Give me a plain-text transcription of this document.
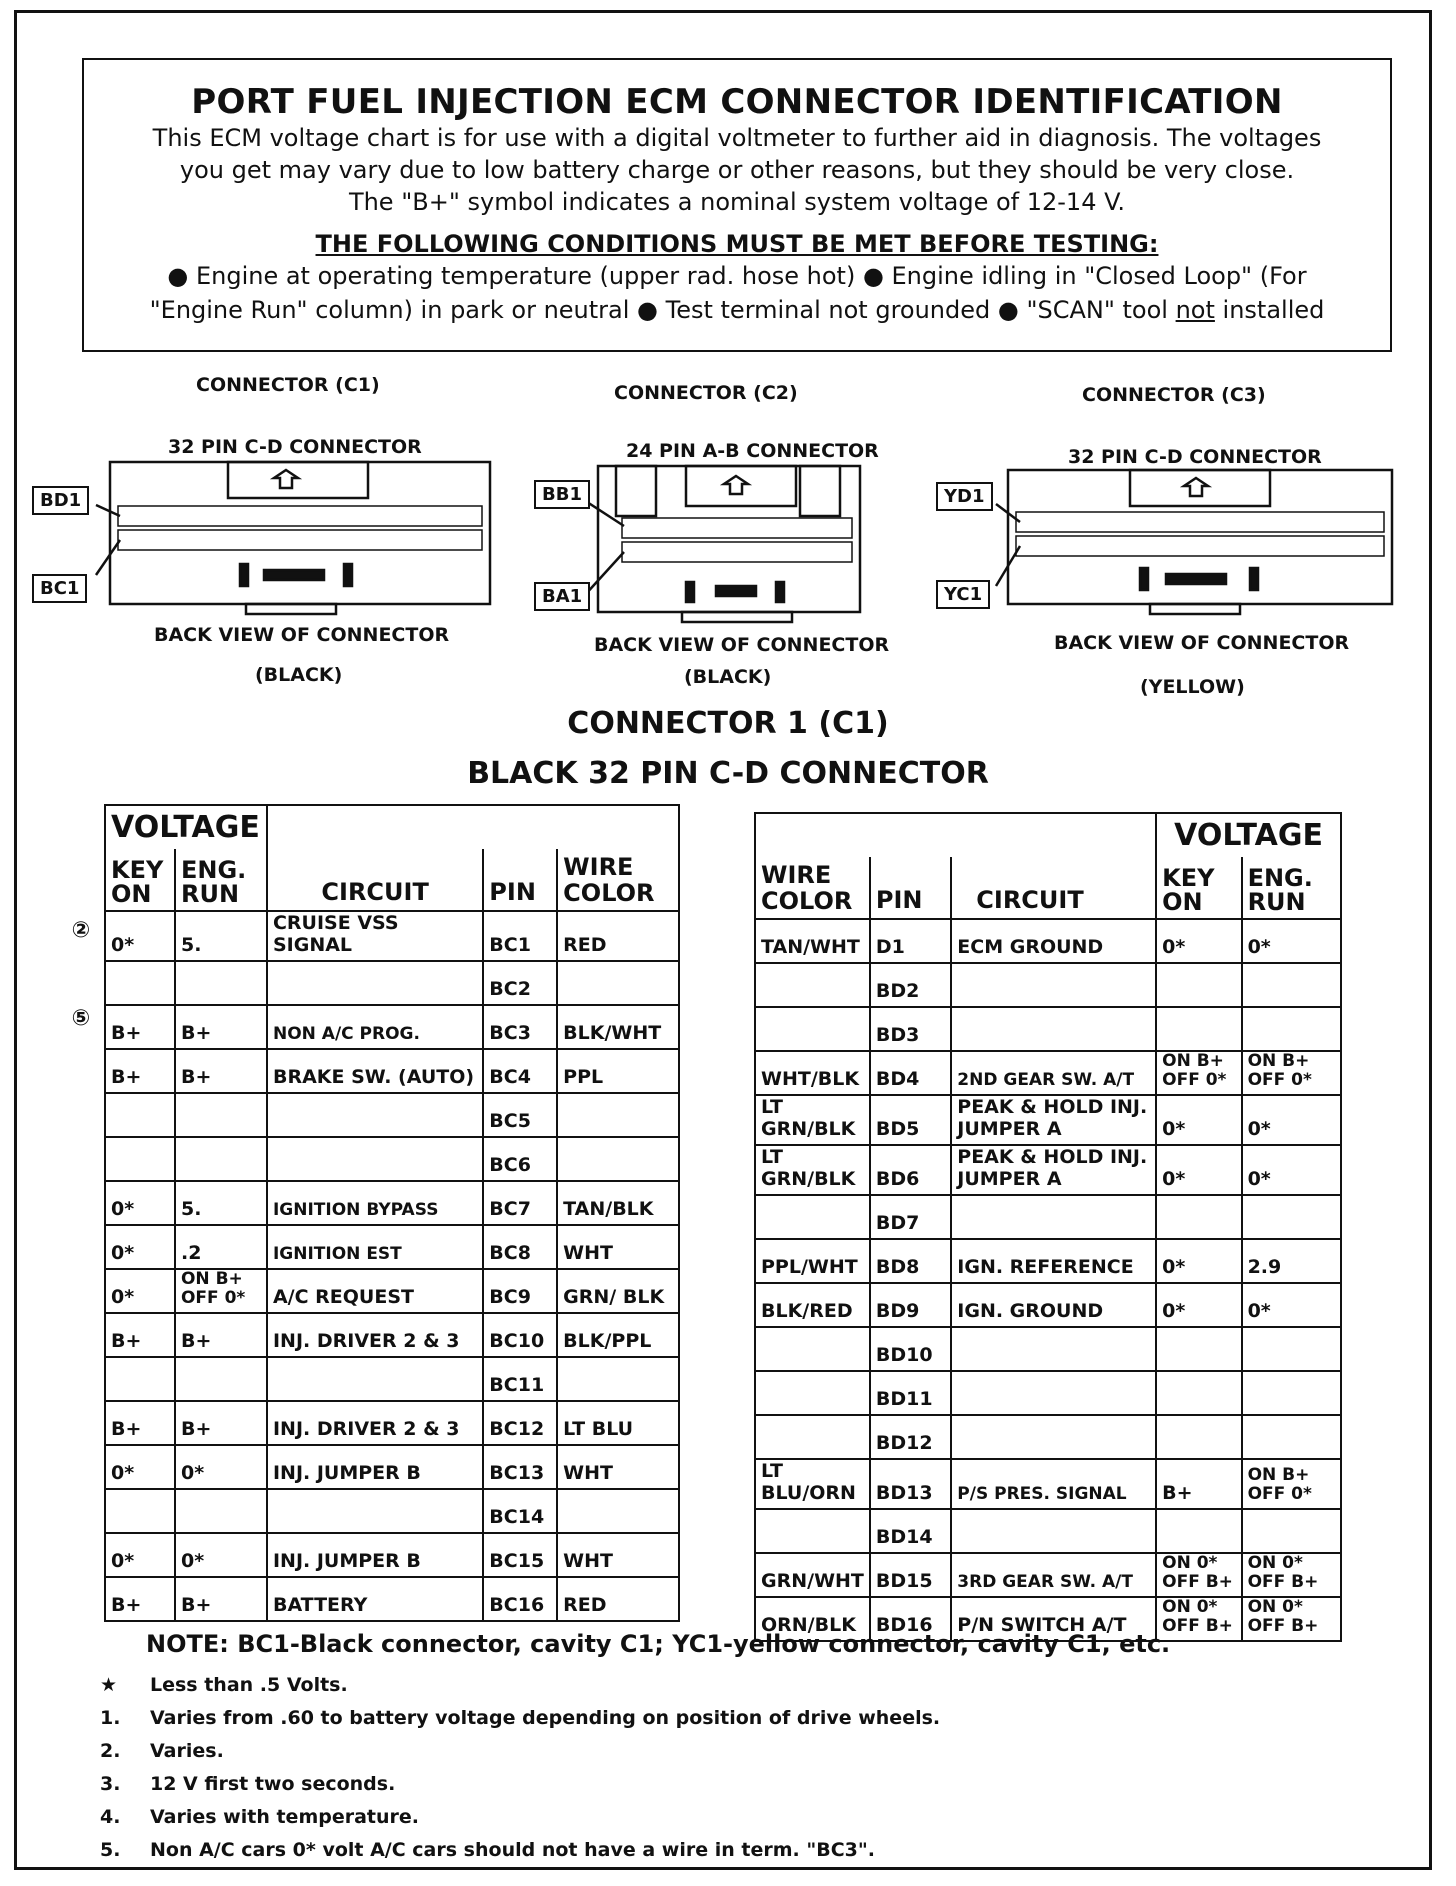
PORT FUEL INJECTION ECM CONNECTOR IDENTIFICATION
This ECM voltage chart is for use with a digital voltmeter to further aid in diagnosis. The voltages
you get may vary due to low battery charge or other reasons, but they should be very close.
The "B+" symbol indicates a nominal system voltage of 12-14 V.
THE FOLLOWING CONDITIONS MUST BE MET BEFORE TESTING:
● Engine at operating temperature (upper rad. hose hot) ● Engine idling in "Closed Loop" (For
"Engine Run" column) in park or neutral ● Test terminal not grounded ● "SCAN" tool not installed
CONNECTOR (C1)	CONNECTOR (C2)	CONNECTOR (C3)
32 PIN C-D CONNECTOR	24 PIN A-B CONNECTOR	32 PIN C-D CONNECTOR
BD1
BC1
BB1
BA1
YD1
YC1
BACK VIEW OF CONNECTOR	BACK VIEW OF CONNECTOR	BACK VIEW OF CONNECTOR
(BLACK)	(BLACK)	(YELLOW)
CONNECTOR 1 (C1)
BLACK 32 PIN C-D CONNECTOR
VOLTAGE				
KEY ON	ENG. RUN	CIRCUIT	PIN	WIRE COLOR
0*	5.	CRUISE VSS SIGNAL	BC1	RED
			BC2	
B+	B+	NON A/C PROG.	BC3	BLK/WHT
B+	B+	BRAKE SW. (AUTO)	BC4	PPL
			BC5	
			BC6	
0*	5.	IGNITION BYPASS	BC7	TAN/BLK
0*	.2	IGNITION EST	BC8	WHT
0*	ON B+ OFF 0*	A/C REQUEST	BC9	GRN/ BLK
B+	B+	INJ. DRIVER 2 & 3	BC10	BLK/PPL
			BC11	
B+	B+	INJ. DRIVER 2 & 3	BC12	LT BLU
0*	0*	INJ. JUMPER B	BC13	WHT
			BC14	
0*	0*	INJ. JUMPER B	BC15	WHT
B+	B+	BATTERY	BC16	RED
			VOLTAGE	
WIRE COLOR	PIN	CIRCUIT	KEY ON	ENG. RUN
TAN/WHT	D1	ECM GROUND	0*	0*
	BD2			
	BD3			
WHT/BLK	BD4	2ND GEAR SW. A/T	ON B+ OFF 0*	ON B+ OFF 0*
LT GRN/BLK	BD5	PEAK & HOLD INJ. JUMPER A	0*	0*
LT GRN/BLK	BD6	PEAK & HOLD INJ. JUMPER A	0*	0*
	BD7			
PPL/WHT	BD8	IGN. REFERENCE	0*	2.9
BLK/RED	BD9	IGN. GROUND	0*	0*
	BD10			
	BD11			
	BD12			
LT BLU/ORN	BD13	P/S PRES. SIGNAL	B+	ON B+ OFF 0*
	BD14			
GRN/WHT	BD15	3RD GEAR SW. A/T	ON 0* OFF B+	ON 0* OFF B+
ORN/BLK	BD16	P/N SWITCH A/T	ON 0* OFF B+	ON 0* OFF B+
②
⑤
NOTE: BC1-Black connector, cavity C1; YC1-yellow connector, cavity C1, etc.
★	Less than .5 Volts.
1.	Varies from .60 to battery voltage depending on position of drive wheels.
2.	Varies.
3.	12 V first two seconds.
4.	Varies with temperature.
5.	Non A/C cars 0* volt A/C cars should not have a wire in term. "BC3".
